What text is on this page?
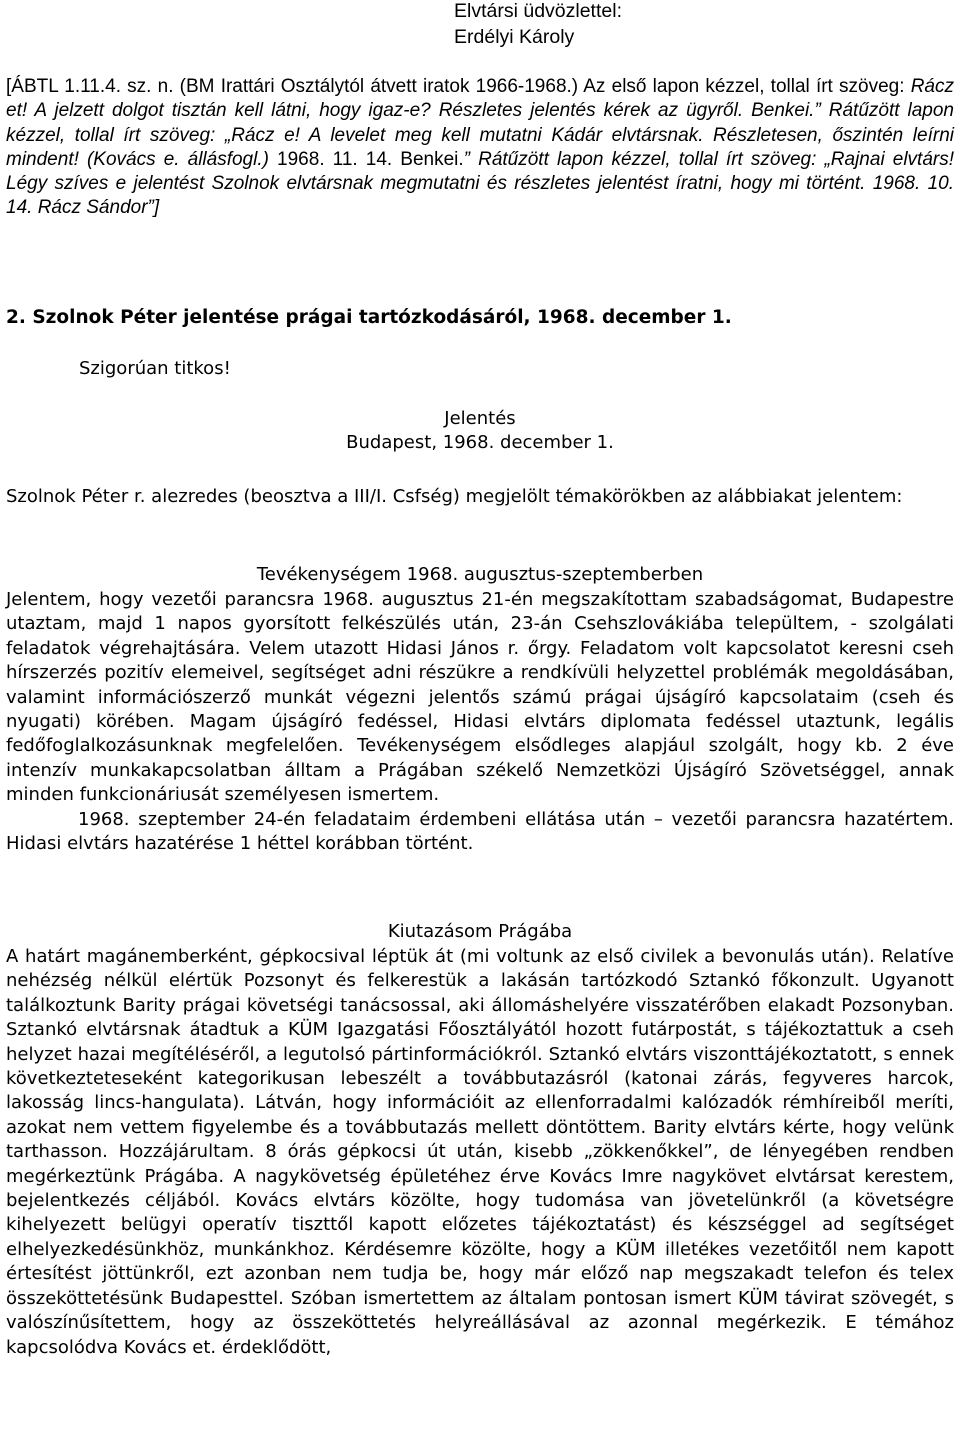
Elvtársi üdvözlettel:

Erdélyi Károly

[ÁBTL 1.11.4. sz. n. (BM Irattári Osztálytól átvett iratok 1966-1968.) Az első lapon kézzel, tollal írt szöveg: Rácz et! A jelzett dolgot tisztán kell látni, hogy igaz-e? Részletes jelentés kérek az ügyről. Benkei.” Rátűzött lapon kézzel, tollal írt szöveg: „Rácz e! A levelet meg kell mutatni Kádár elvtársnak. Részletesen, őszintén leírni mindent! (Kovács e. állásfogl.) 1968. 11. 14. Benkei.” Rátűzött lapon kézzel, tollal írt szöveg: „Rajnai elvtárs! Légy szíves e jelentést Szolnok elvtársnak megmutatni és részletes jelentést íratni, hogy mi történt. 1968. 10. 14. Rácz Sándor”]

2. Szolnok Péter jelentése prágai tartózkodásáról, 1968. december 1.

Szigorúan titkos!

Jelentés

Budapest, 1968. december 1.

Szolnok Péter r. alezredes (beosztva a III/I. Csfség) megjelölt témakörökben az alábbiakat jelentem:

Tevékenységem 1968. augusztus-szeptemberben

Jelentem, hogy vezetői parancsra 1968. augusztus 21-én megszakítottam szabadságomat, Budapestre utaztam, majd 1 napos gyorsított felkészülés után, 23-án Csehszlovákiába települtem, - szolgálati feladatok végrehajtására. Velem utazott Hidasi János r. őrgy. Feladatom volt kapcsolatot keresni cseh hírszerzés pozitív elemeivel, segítséget adni részükre a rendkívüli helyzettel problémák megoldásában, valamint információszerző munkát végezni jelentős számú prágai újságíró kapcsolataim (cseh és nyugati) körében. Magam újságíró fedéssel, Hidasi elvtárs diplomata fedéssel utaztunk, legális fedőfoglalkozásunknak megfelelően. Tevékenységem elsődleges alapjául szolgált, hogy kb. 2 éve intenzív munkakapcsolatban álltam a Prágában székelő Nemzetközi Újságíró Szövetséggel, annak minden funkcionáriusát személyesen ismertem.

1968. szeptember 24-én feladataim érdembeni ellátása után – vezetői parancsra hazatértem. Hidasi elvtárs hazatérése 1 héttel korábban történt.

Kiutazásom Prágába

A határt magánemberként, gépkocsival léptük át (mi voltunk az első civilek a bevonulás után). Relatíve nehézség nélkül elértük Pozsonyt és felkerestük a lakásán tartózkodó Sztankó főkonzult. Ugyanott találkoztunk Barity prágai követségi tanácsossal, aki állomáshelyére visszatérőben elakadt Pozsonyban. Sztankó elvtársnak átadtuk a KÜM Igazgatási Főosztályától hozott futárpostát, s tájékoztattuk a cseh helyzet hazai megítéléséről, a legutolsó pártinformációkról. Sztankó elvtárs viszonttájékoztatott, s ennek következteteseként kategorikusan lebeszélt a továbbutazásról (katonai zárás, fegyveres harcok, lakosság lincs-hangulata). Látván, hogy információit az ellenforradalmi kalózadók rémhíreiből meríti, azokat nem vettem figyelembe és a továbbutazás mellett döntöttem. Barity elvtárs kérte, hogy velünk tarthasson. Hozzájárultam. 8 órás gépkocsi út után, kisebb „zökkenőkkel”, de lényegében rendben megérkeztünk Prágába. A nagykövetség épületéhez érve Kovács Imre nagykövet elvtársat kerestem, bejelentkezés céljából. Kovács elvtárs közölte, hogy tudomása van jövetelünkről (a követségre kihelyezett belügyi operatív tiszttől kapott előzetes tájékoztatást) és készséggel ad segítséget elhelyezkedésünkhöz, munkánkhoz. Kérdésemre közölte, hogy a KÜM illetékes vezetőitől nem kapott értesítést jöttünkről, ezt azonban nem tudja be, hogy már előző nap megszakadt telefon és telex összeköttetésünk Budapesttel. Szóban ismertettem az általam pontosan ismert KÜM távirat szövegét, s valószínűsítettem, hogy az összeköttetés helyreállásával az azonnal megérkezik. E témához kapcsolódva Kovács et. érdeklődött,
